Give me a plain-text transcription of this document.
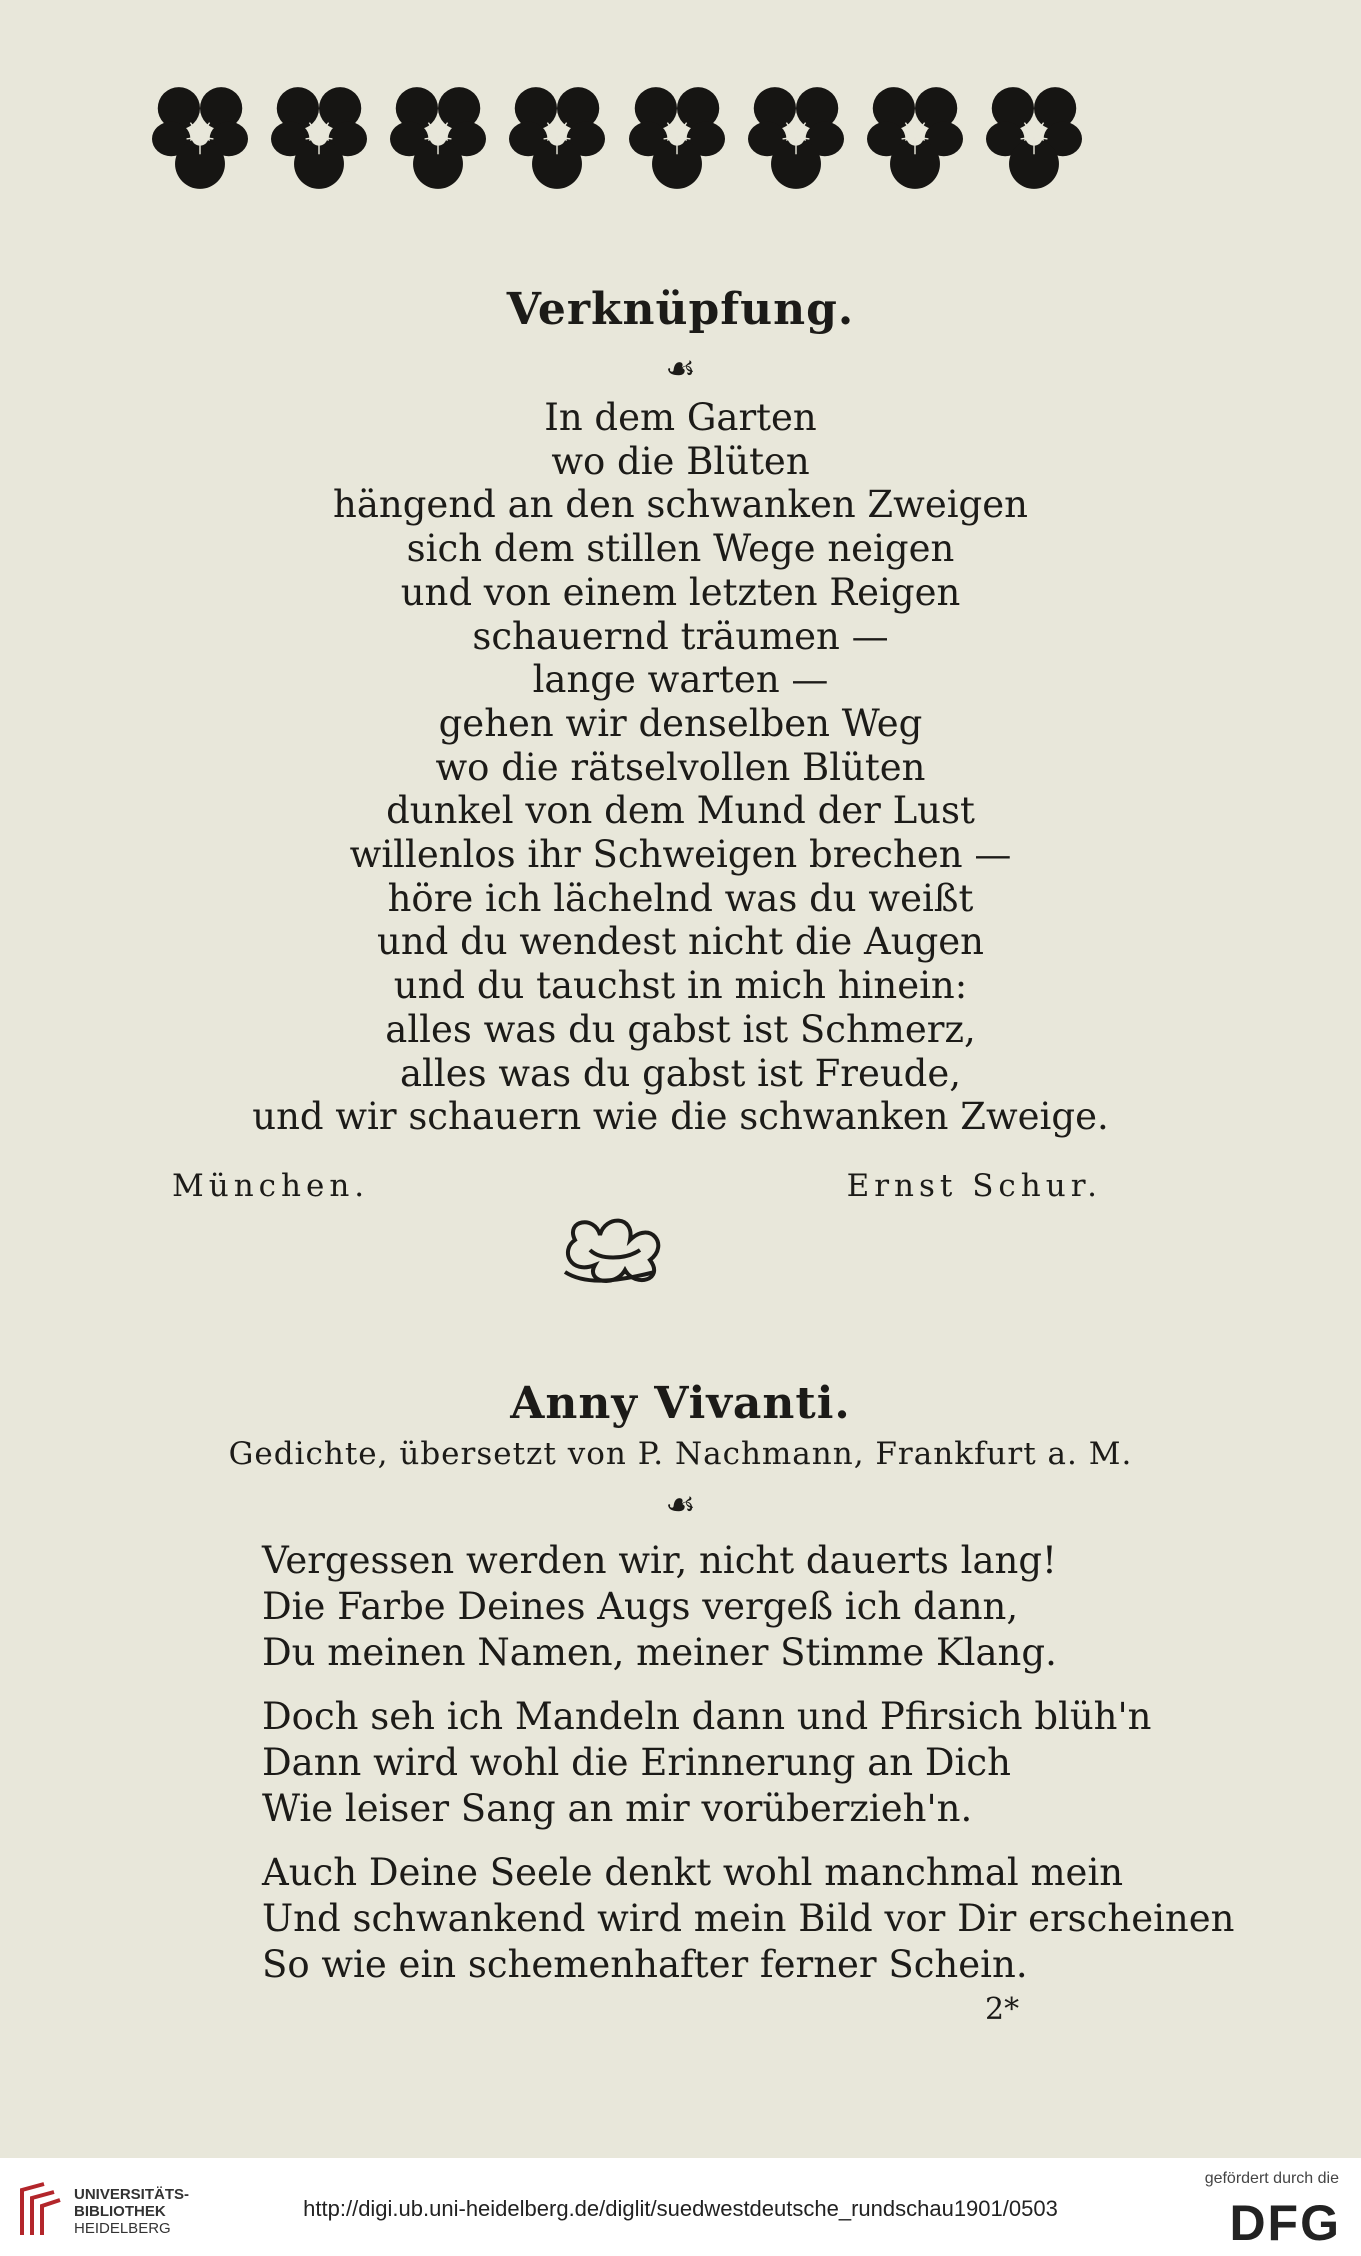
Verknüpfung.
☙
In dem Garten
wo die Blüten
hängend an den schwanken Zweigen
sich dem stillen Wege neigen
und von einem letzten Reigen
schauernd träumen —
lange warten —
gehen wir denselben Weg
wo die rätselvollen Blüten
dunkel von dem Mund der Lust
willenlos ihr Schweigen brechen —
höre ich lächelnd was du weißt
und du wendest nicht die Augen
und du tauchst in mich hinein:
alles was du gabst ist Schmerz,
alles was du gabst ist Freude,
und wir schauern wie die schwanken Zweige.
München.	Ernst Schur.
Anny Vivanti.
Gedichte, übersetzt von P. Nachmann, Frankfurt a. M.
☙
Vergessen werden wir, nicht dauerts lang!
Die Farbe Deines Augs vergeß ich dann,
Du meinen Namen, meiner Stimme Klang.
Doch seh ich Mandeln dann und Pfirsich blüh'n
Dann wird wohl die Erinnerung an Dich
Wie leiser Sang an mir vorüberzieh'n.
Auch Deine Seele denkt wohl manchmal mein
Und schwankend wird mein Bild vor Dir erscheinen
So wie ein schemenhafter ferner Schein.
2*
UNIVERSITÄTS-
BIBLIOTHEK
HEIDELBERG
http://digi.ub.uni-heidelberg.de/diglit/suedwestdeutsche_rundschau1901/0503
gefördert durch die
DFG
